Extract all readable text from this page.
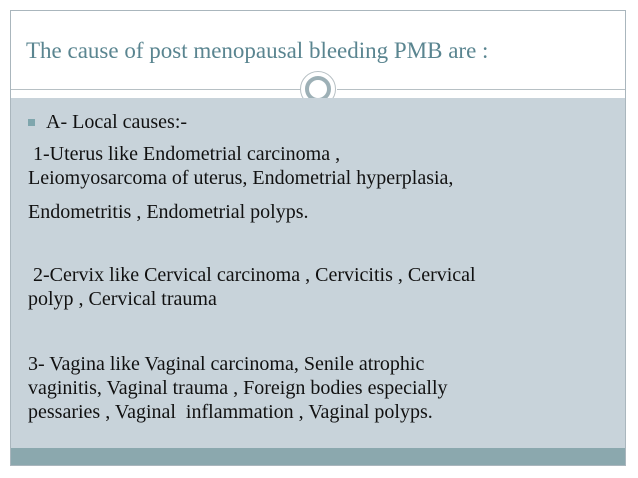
The cause of post menopausal bleeding PMB are :
A- Local causes:-
1-Uterus like Endometrial carcinoma ,
Leiomyosarcoma of uterus, Endometrial hyperplasia,
Endometritis , Endometrial polyps.
2-Cervix like Cervical carcinoma , Cervicitis , Cervical
polyp , Cervical trauma
3- Vagina like Vaginal carcinoma, Senile atrophic
vaginitis, Vaginal trauma , Foreign bodies especially
pessaries , Vaginal  inflammation , Vaginal polyps.
